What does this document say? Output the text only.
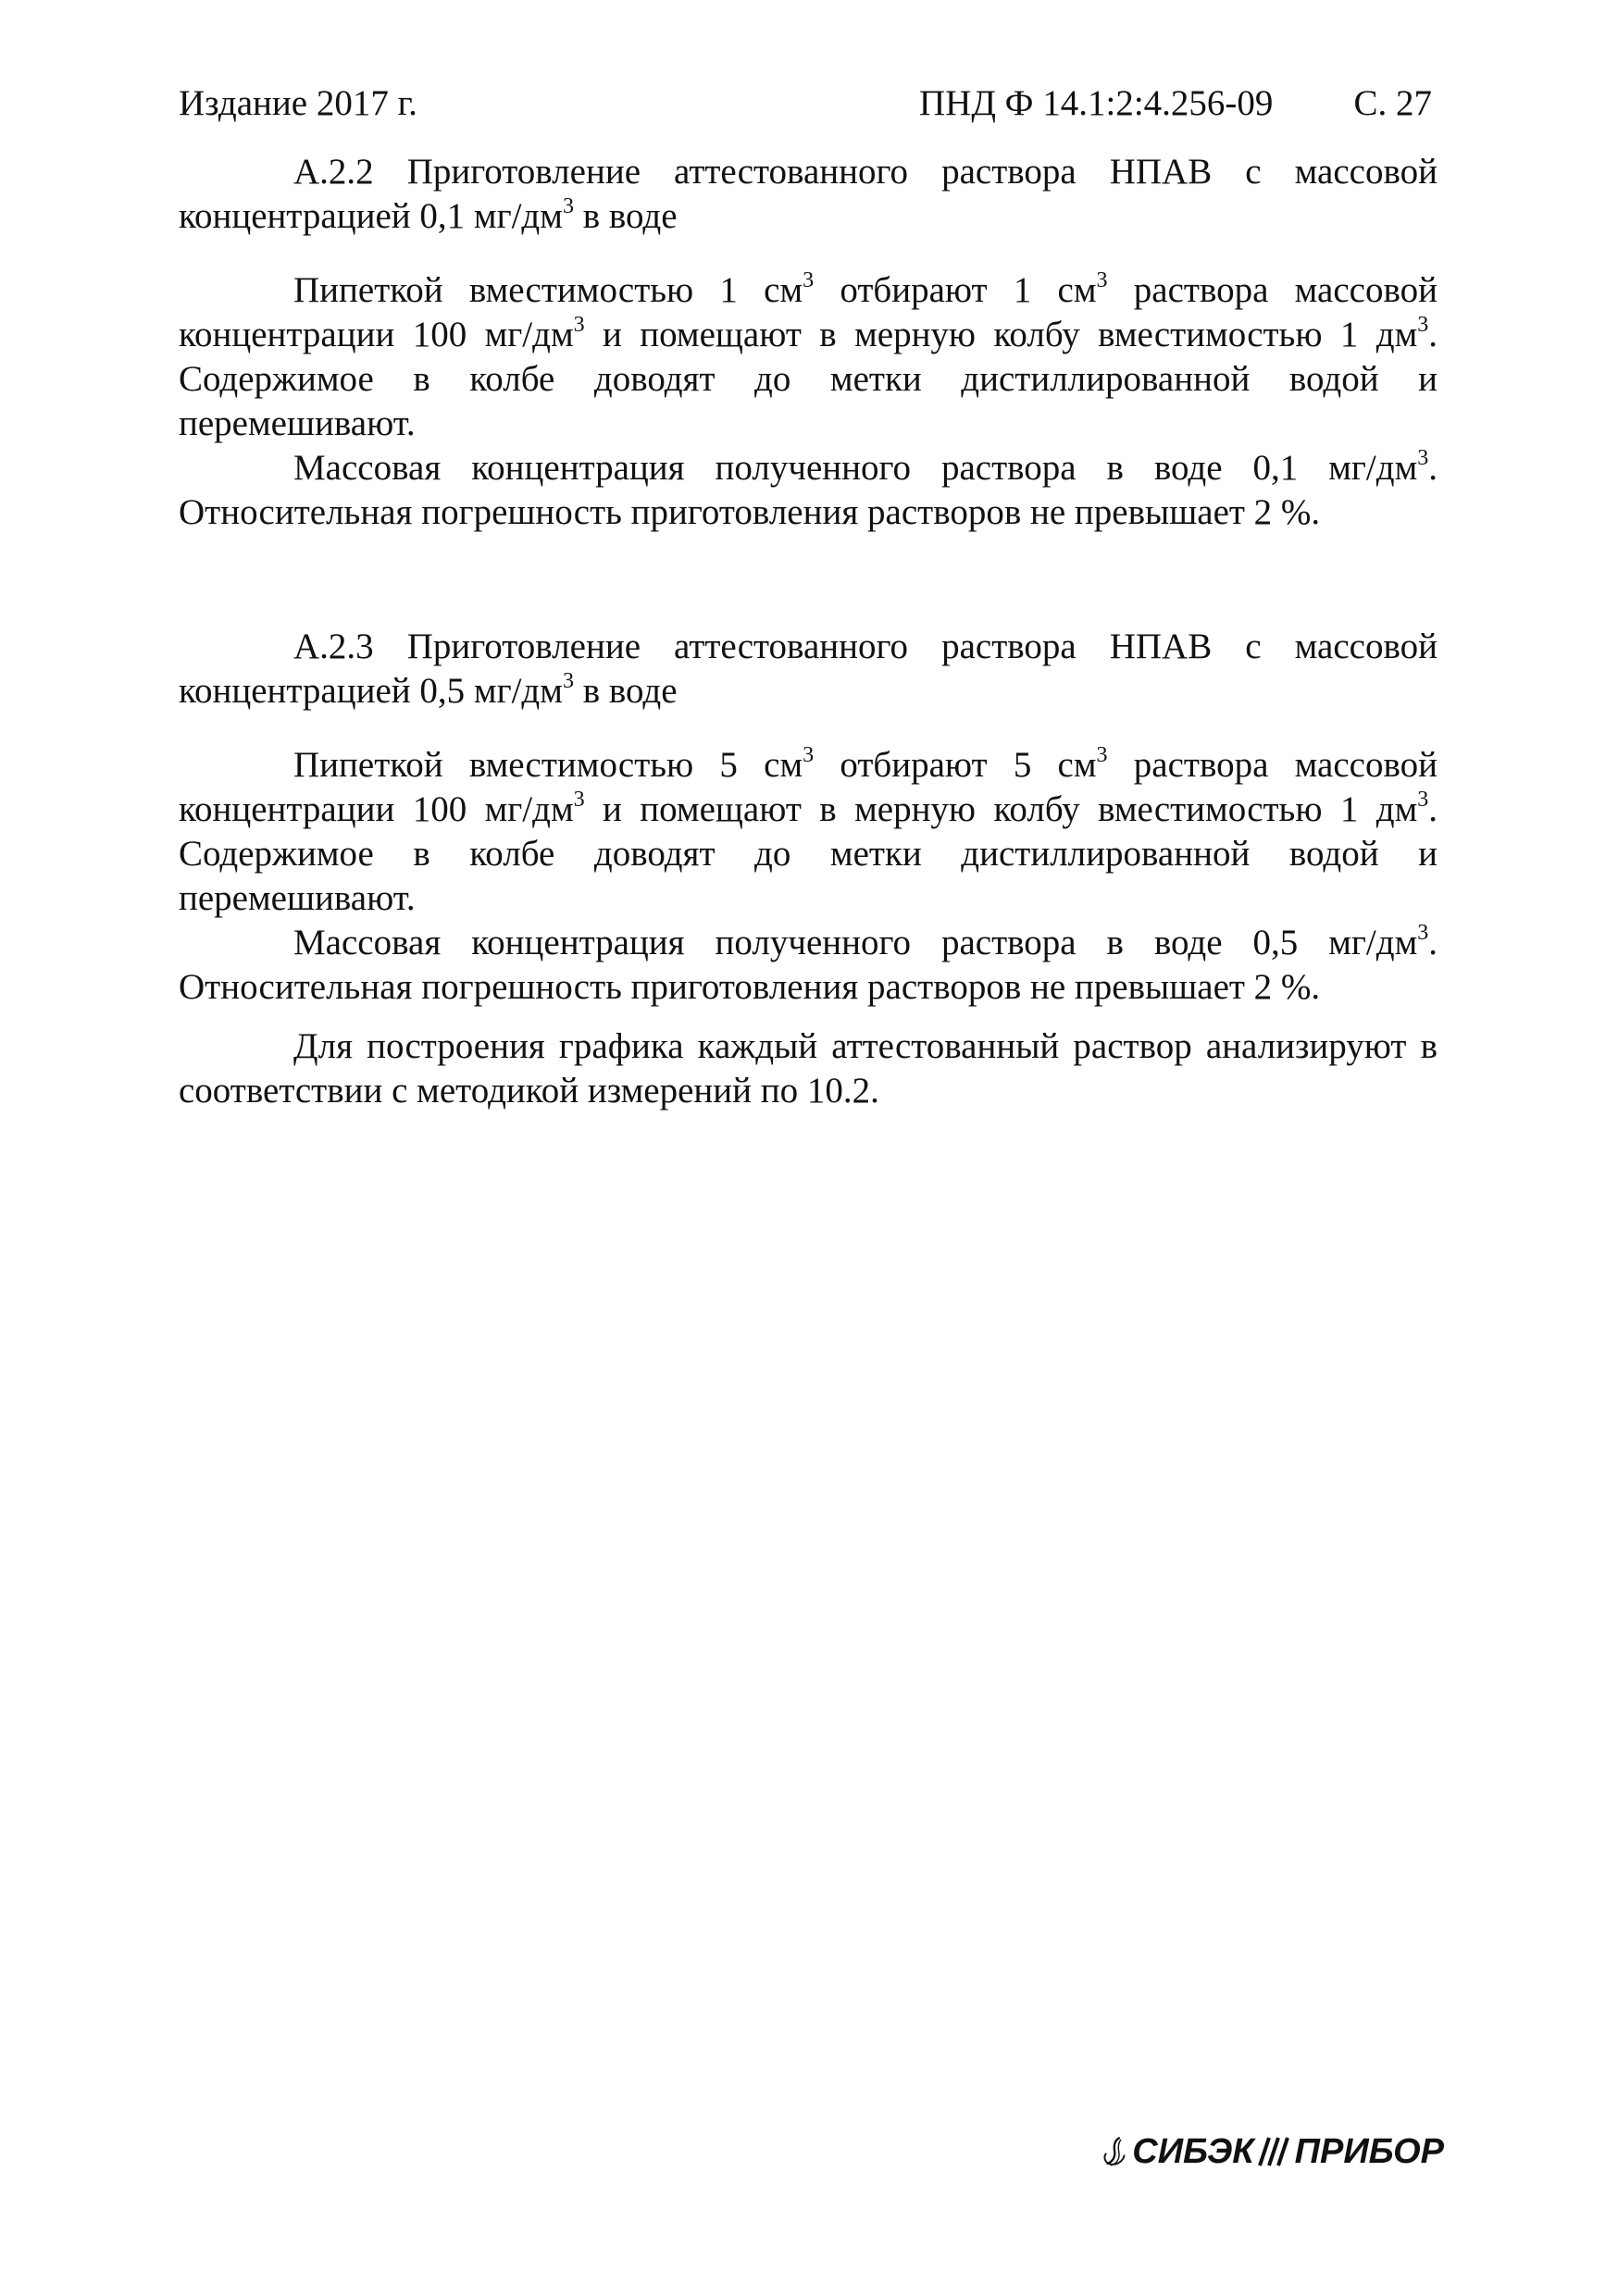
Издание 2017 г.	ПНД Ф 14.1:2:4.256-09 С. 27

А.2.2 Приготовление аттестованного раствора НПАВ с массовой концентрацией 0,1 $мг/дм^3$ в воде

Пипеткой вместимостью 1 $см^3$ отбирают 1 $см^3$ раствора массовой концентрации 100 $мг/дм^3$ и помещают в мерную колбу вместимостью 1 $дм^3$. Содержимое в колбе доводят до метки дистиллированной водой и перемешивают.

Массовая концентрация полученного раствора в воде 0,1 $мг/дм^3$. Относительная погрешность приготовления растворов не превышает 2 %.

А.2.3 Приготовление аттестованного раствора НПАВ с массовой концентрацией 0,5 $мг/дм^3$ в воде

Пипеткой вместимостью 5 $см^3$ отбирают 5 $см^3$ раствора массовой концентрации 100 $мг/дм^3$ и помещают в мерную колбу вместимостью 1 $дм^3$. Содержимое в колбе доводят до метки дистиллированной водой и перемешивают.

Массовая концентрация полученного раствора в воде 0,5 $мг/дм^3$. Относительная погрешность приготовления растворов не превышает 2 %.

Для построения графика каждый аттестованный раствор анализируют в соответствии с методикой измерений по 10.2.

СИБЭК ПРИБОР
